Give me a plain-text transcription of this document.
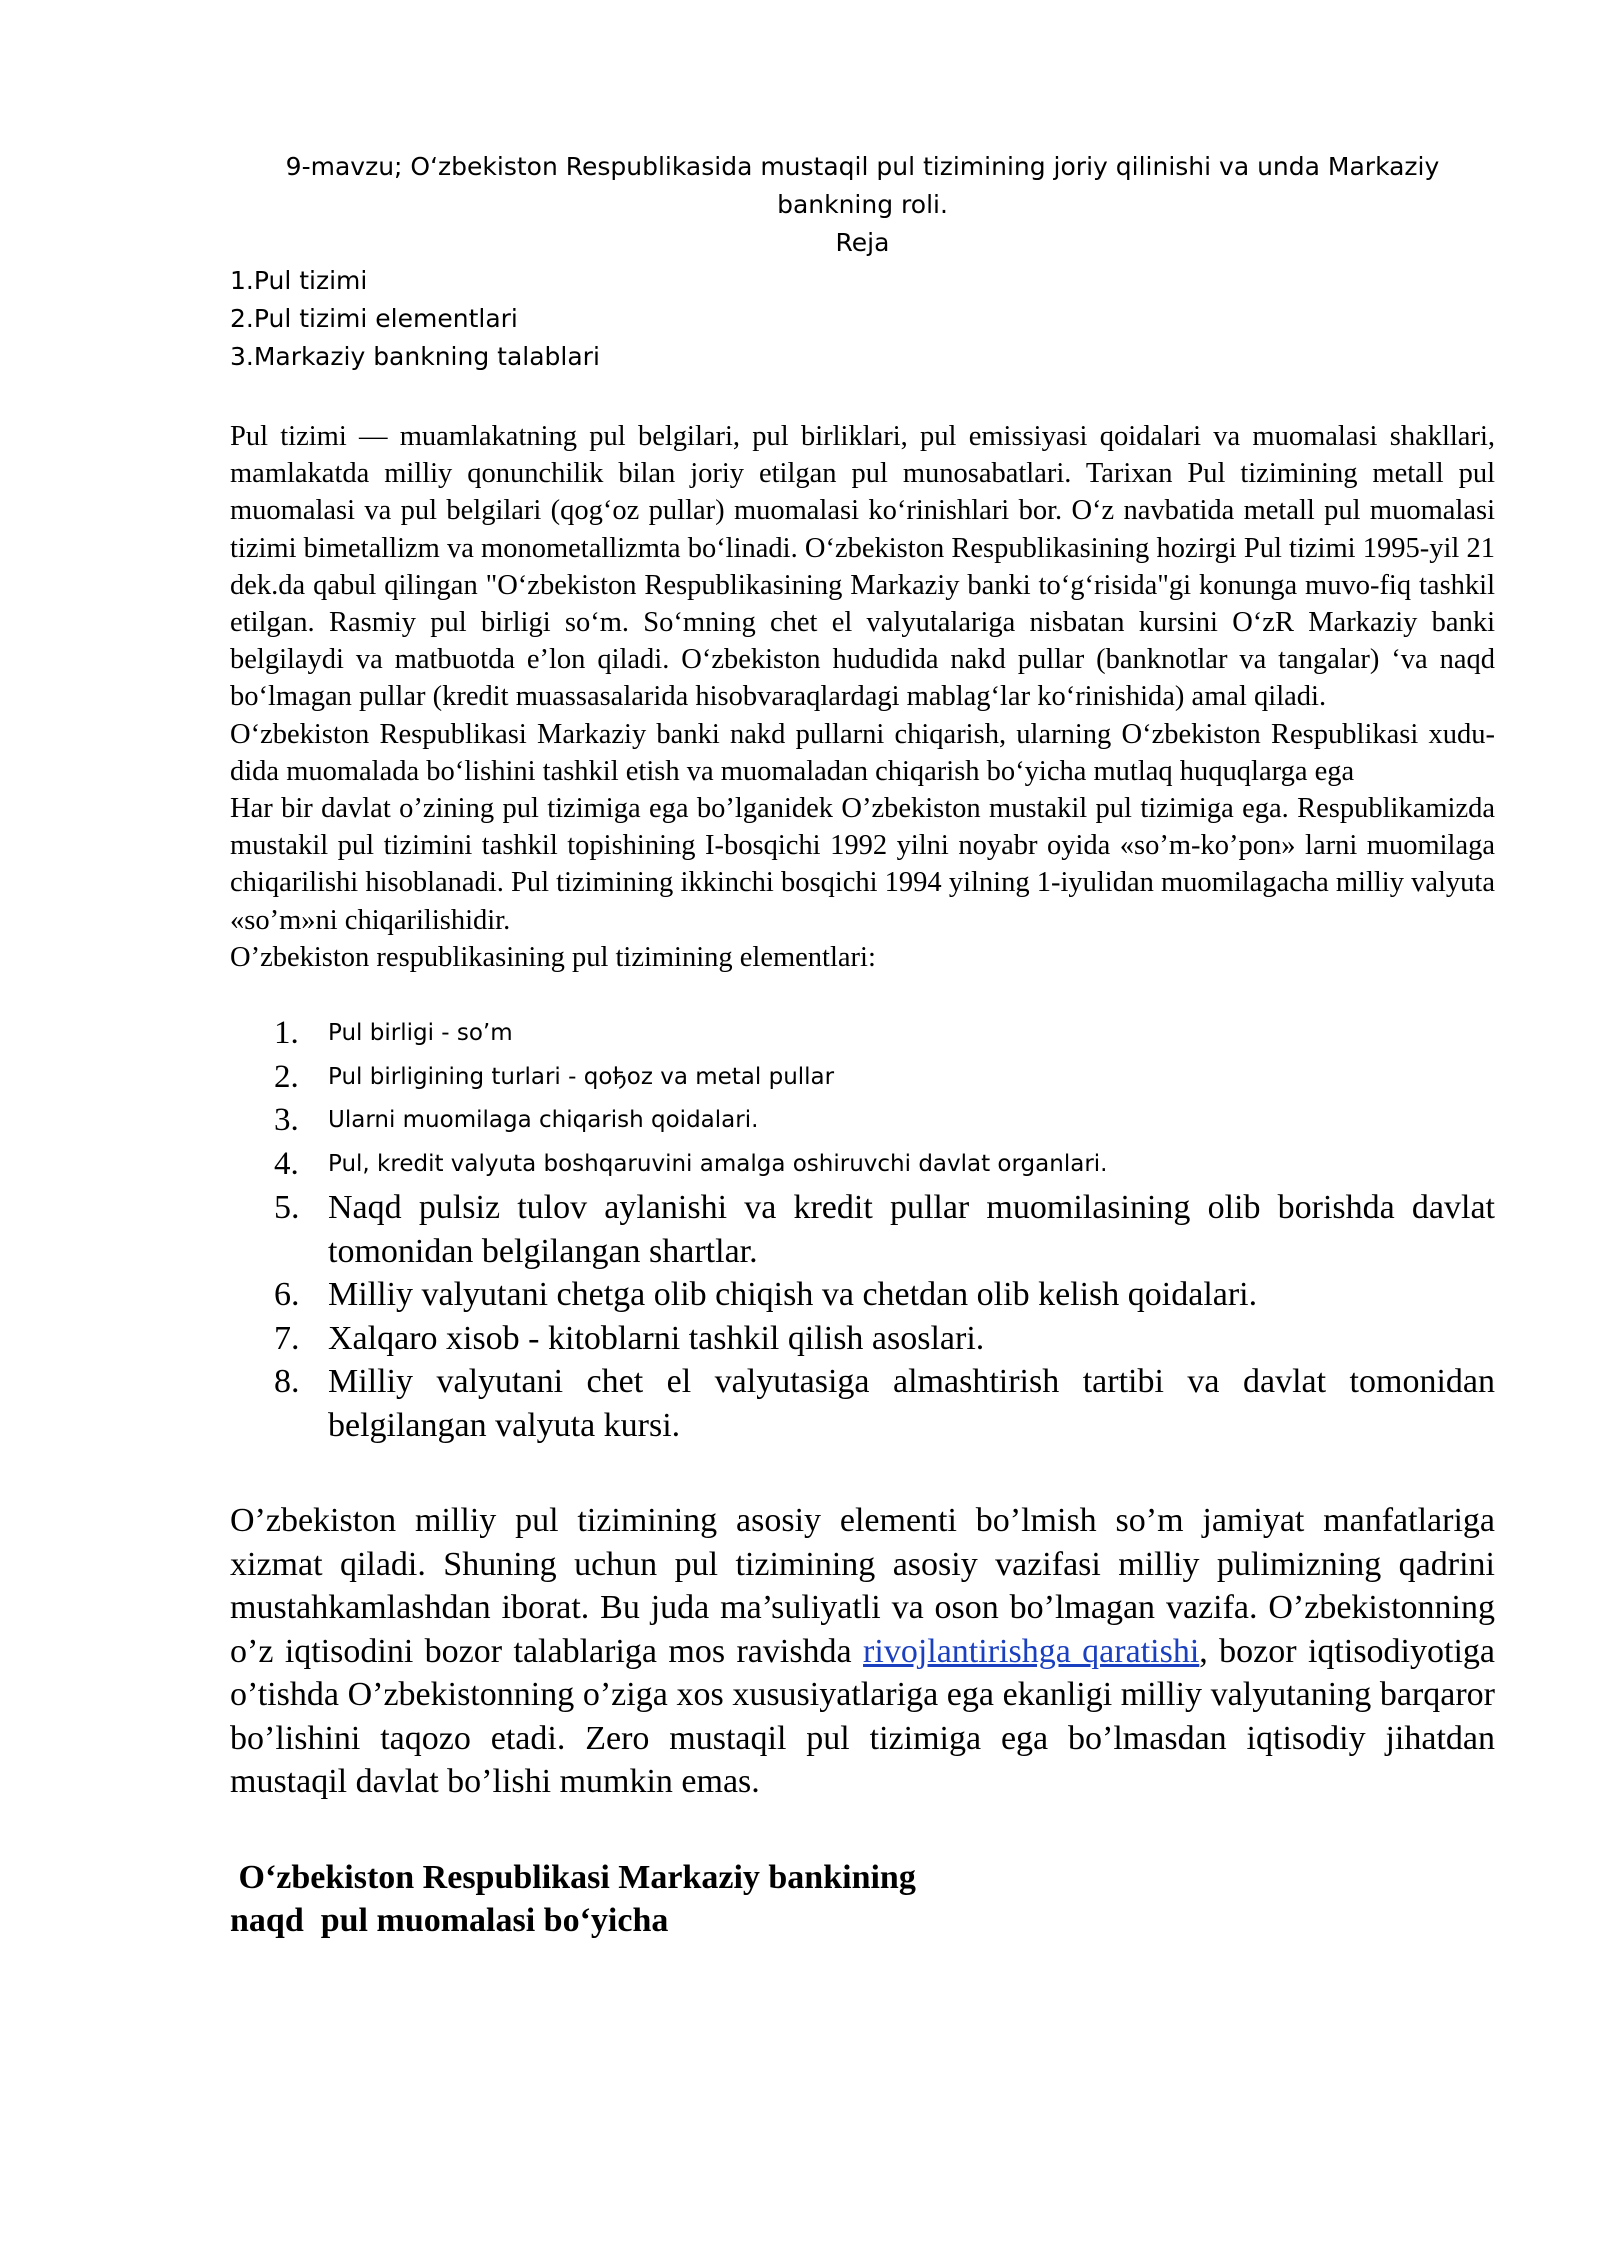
9-mavzu; O‘zbekiston Respublikasida mustaqil pul tizimining joriy qilinishi va unda Markaziy bankning roli.

Reja

1.Pul tizimi
2.Pul tizimi elementlari
3.Markaziy bankning talablari

Pul tizimi — muamlakatning pul belgilari, pul birliklari, pul emissiyasi qoidalari va muomalasi shakllari, mamlakatda milliy qonunchilik bilan joriy etilgan pul munosabatlari. Tarixan Pul tizimining metall pul muomalasi va pul belgilari (qog‘oz pullar) muomalasi ko‘rinishlari bor. O‘z navbatida metall pul muomalasi tizimi bimetallizm va monometallizmta bo‘linadi. O‘zbekiston Respublikasining hozirgi Pul tizimi 1995-yil 21 dek.da qabul qilingan "O‘zbekiston Respublikasining Markaziy banki to‘g‘risida"gi konunga muvo-fiq tashkil etilgan. Rasmiy pul birligi so‘m. So‘mning chet el valyutalariga nisbatan kursini O‘zR Markaziy banki belgilaydi va matbuotda e’lon qiladi. O‘zbekiston hududida nakd pullar (banknotlar va tangalar) ‘va naqd bo‘lmagan pullar (kredit muassasalarida hisobvaraqlardagi mablag‘lar ko‘rinishida) amal qiladi.

O‘zbekiston Respublikasi Markaziy banki nakd pullarni chiqarish, ularning O‘zbekiston Respublikasi xudu-dida muomalada bo‘lishini tashkil etish va muomaladan chiqarish bo‘yicha mutlaq huquqlarga ega

Har bir davlat o’zining pul tizimiga ega bo’lganidek O’zbekiston mustakil pul tizimiga ega. Respublikamizda mustakil pul tizimini tashkil topishining I-bosqichi 1992 yilni noyabr oyida «so’m-ko’pon» larni muomilaga chiqarilishi hisoblanadi. Pul tizimining ikkinchi bosqichi 1994 yilning 1-iyulidan muomilagacha milliy valyuta «so’m»ni chiqarilishidir.

O’zbekiston respublikasining pul tizimining elementlari:

1.	Pul birligi - so’m
2.	Pul birligining turlari - qoђoz va metal pullar
3.	Ularni muomilaga chiqarish qoidalari.
4.	Pul, kredit valyuta boshqaruvini amalga oshiruvchi davlat organlari.
5. Naqd pulsiz tulov aylanishi va kredit pullar muomilasining olib borishda davlat tomonidan belgilangan shartlar.
6. Milliy valyutani chetga olib chiqish va chetdan olib kelish qoidalari.
7. Xalqaro xisob - kitoblarni tashkil qilish asoslari.
8. Milliy valyutani chet el valyutasiga almashtirish tartibi va davlat tomonidan belgilangan valyuta kursi.

O’zbekiston milliy pul tizimining asosiy elementi bo’lmish so’m jamiyat manfatlariga xizmat qiladi. Shuning uchun pul tizimining asosiy vazifasi milliy pulimizning qadrini mustahkamlashdan iborat. Bu juda ma’suliyatli va oson bo’lmagan vazifa. O’zbekistonning o’z iqtisodini bozor talablariga mos ravishda rivojlantirishga qaratishi, bozor iqtisodiyotiga o’tishda O’zbekistonning o’ziga xos xususiyatlariga ega ekanligi milliy valyutaning barqaror bo’lishini taqozo etadi. Zero mustaqil pul tizimiga ega bo’lmasdan iqtisodiy jihatdan mustaqil davlat bo’lishi mumkin emas.

O‘zbekiston Respublikasi Markaziy bankining
naqd  pul muomalasi bo‘yicha
